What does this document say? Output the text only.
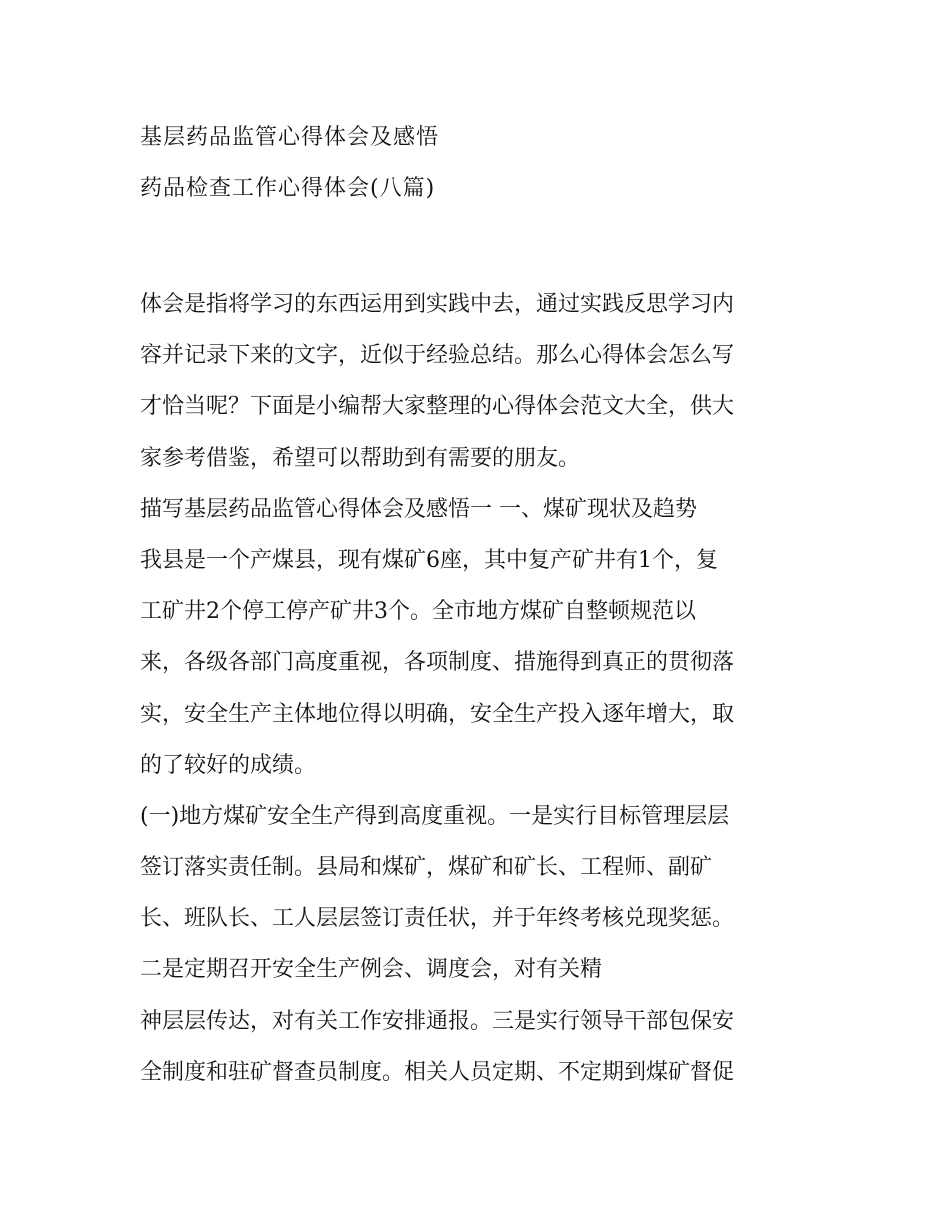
基层药品监管心得体会及感悟
药品检查工作心得体会(八篇)
体会是指将学习的东西运用到实践中去，通过实践反思学习内
容并记录下来的文字，近似于经验总结。那么心得体会怎么写
才恰当呢？下面是小编帮大家整理的心得体会范文大全，供大
家参考借鉴，希望可以帮助到有需要的朋友。
描写基层药品监管心得体会及感悟一 一、煤矿现状及趋势
我县是一个产煤县，现有煤矿6座，其中复产矿井有1个，复
工矿井2个停工停产矿井3个。全市地方煤矿自整顿规范以
来，各级各部门高度重视，各项制度、措施得到真正的贯彻落
实，安全生产主体地位得以明确，安全生产投入逐年增大，取
的了较好的成绩。
(一)地方煤矿安全生产得到高度重视。一是实行目标管理层层
签订落实责任制。县局和煤矿，煤矿和矿长、工程师、副矿
长、班队长、工人层层签订责任状，并于年终考核兑现奖惩。
二是定期召开安全生产例会、调度会，对有关精
神层层传达，对有关工作安排通报。三是实行领导干部包保安
全制度和驻矿督查员制度。相关人员定期、不定期到煤矿督促
